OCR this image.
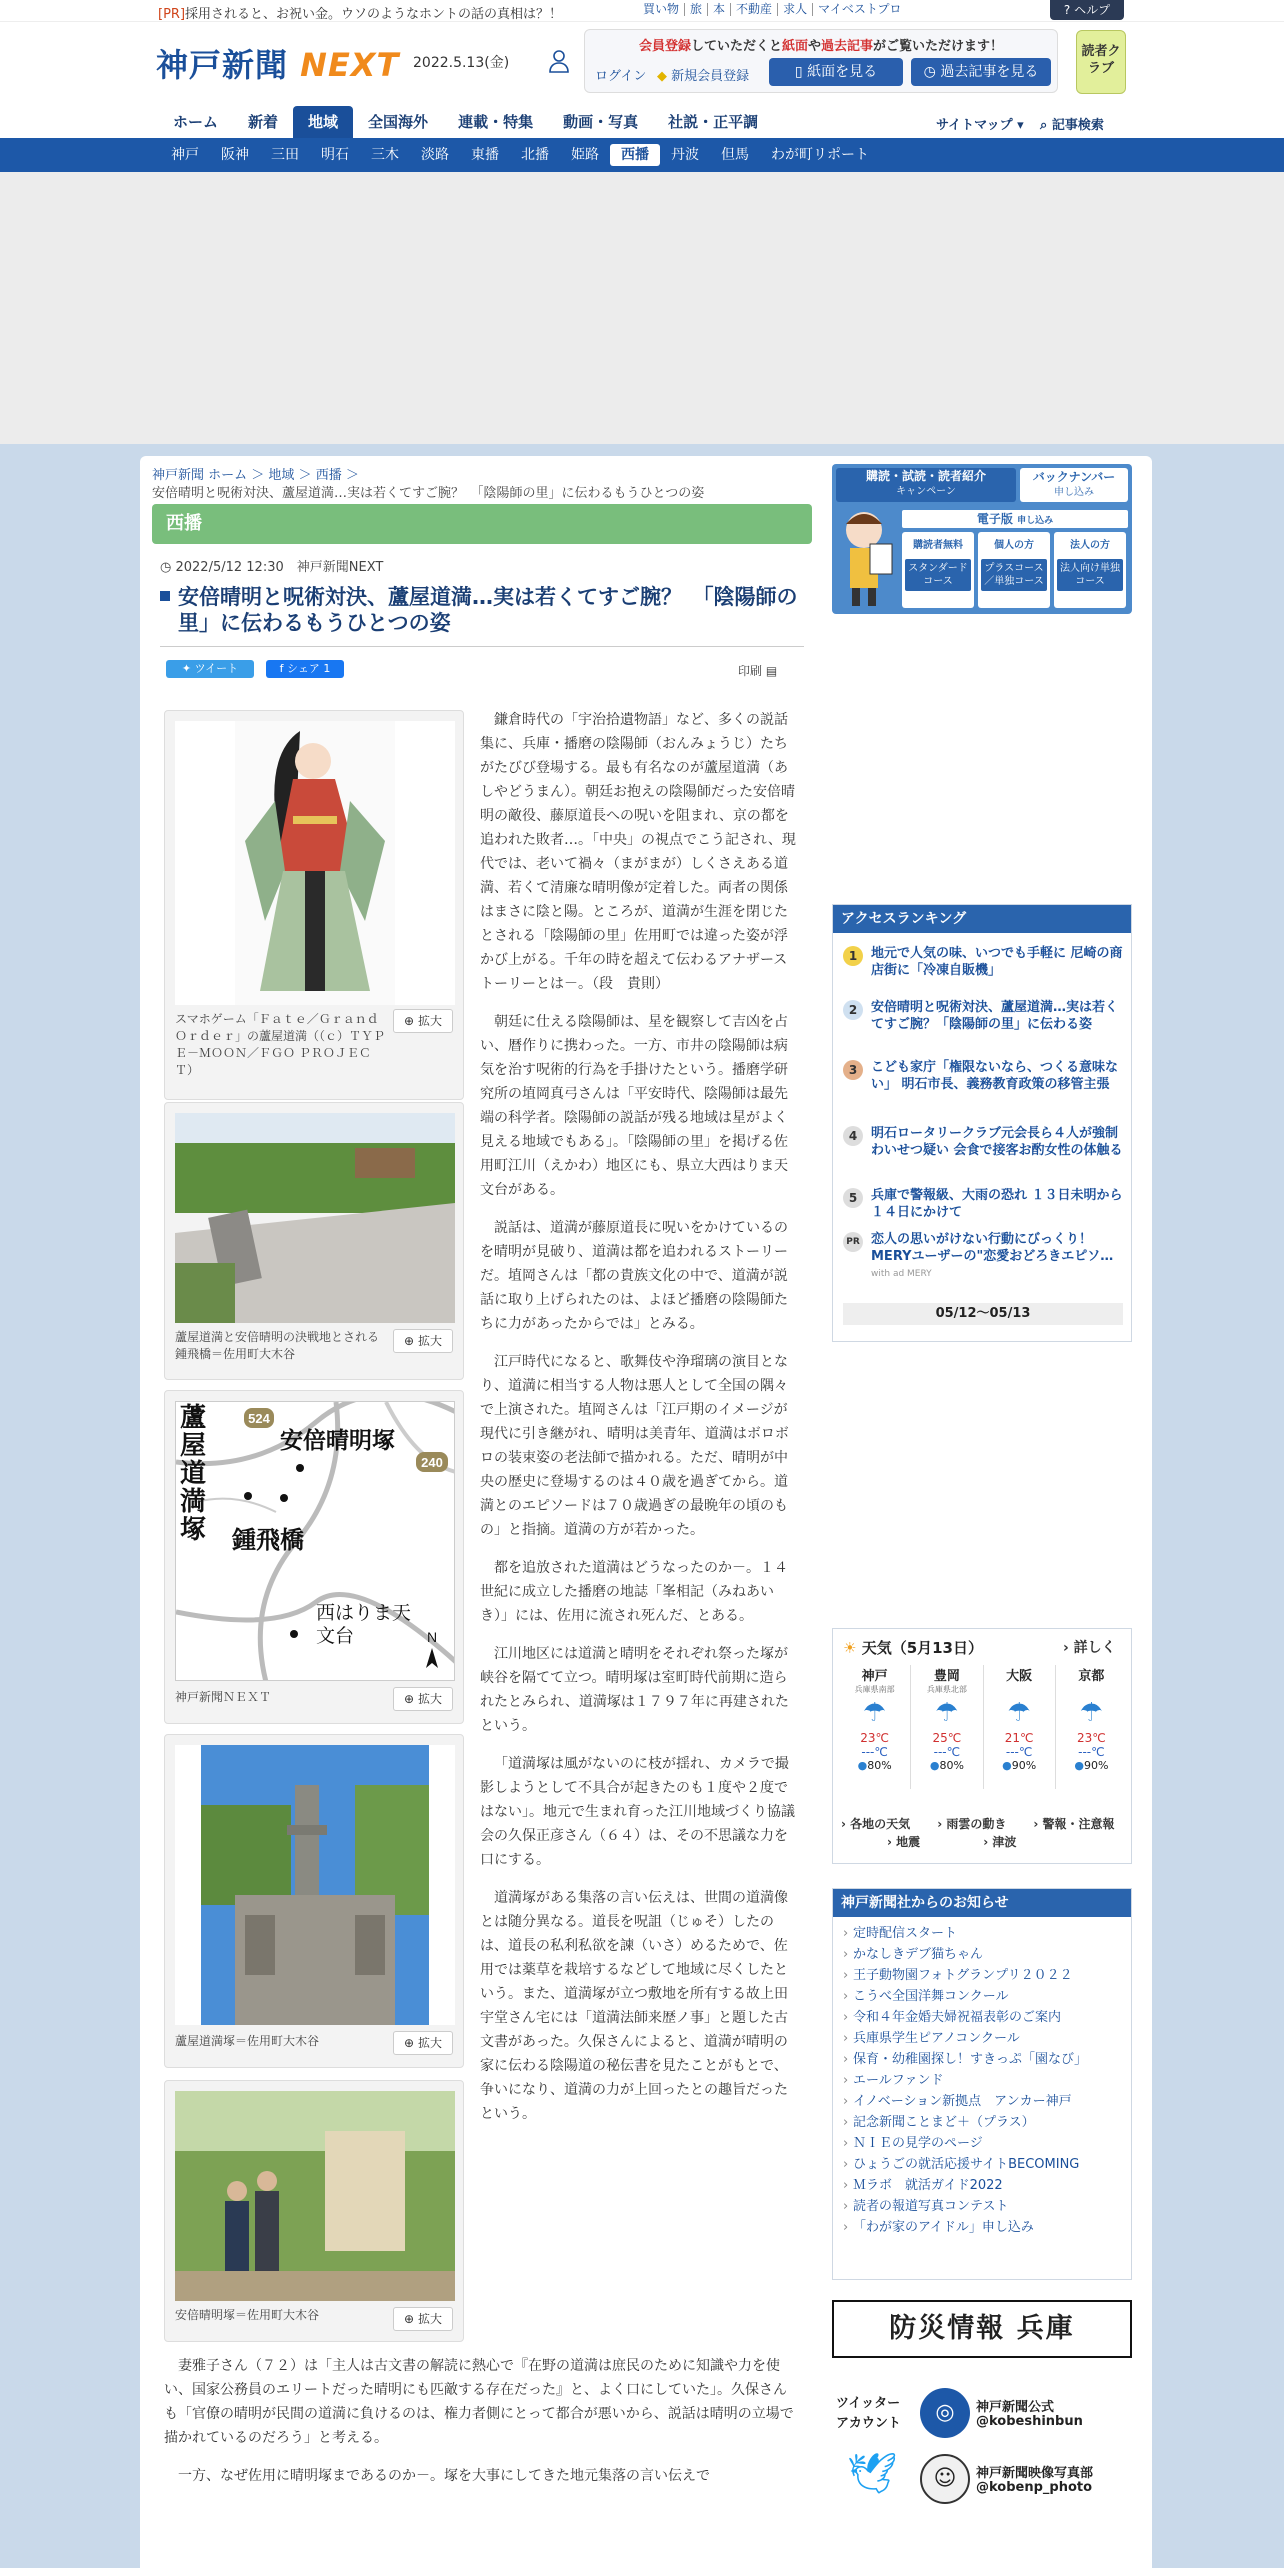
[PR]採用されると、お祝い金。ウソのようなホントの話の真相は？！	買い物 旅 本 不動産 求人 マイベストプロ	? ヘルプ
神戸新聞 NEXT 2022.5.13(金)
会員登録していただくと紙面や過去記事がご覧いただけます！
ログイン ◆ 新規会員登録	▯ 紙面を見る	◷ 過去記事を見る
読者クラブ
ホーム	新着	地域	全国海外	連載・特集	動画・写真	社説・正平調	サイトマップ ▾ ⌕ 記事検索
神戸	阪神	三田	明石	三木	淡路	東播	北播	姫路	西播	丹波	但馬	わが町リポート
神戸新聞 ホーム ＞ 地域 ＞ 西播 ＞
安倍晴明と呪術対決、蘆屋道満…実は若くてすご腕？　「陰陽師の里」に伝わるもうひとつの姿
西播
◷ 2022/5/12 12:30　 神戸新聞NEXT
安倍晴明と呪術対決、蘆屋道満…実は若くてすご腕？　「陰陽師の里」に伝わるもうひとつの姿
✦ ツイート	f シェア 1	印刷 ▤
スマホゲーム「Ｆａｔｅ／Ｇｒａｎｄ　Ｏｒｄｅｒ」の蘆屋道満（（ｃ）ＴＹＰＥ－ＭＯＯＮ／ＦＧＯ ＰＲＯＪＥＣＴ）
⊕ 拡大
蘆屋道満と安倍晴明の決戦地とされる鍾飛橋＝佐用町大木谷
⊕ 拡大
524
240
N
蘆屋道満塚
安倍晴明塚
鍾飛橋
西はりま天文台
神戸新聞ＮＥＸＴ	⊕ 拡大
蘆屋道満塚＝佐用町大木谷	⊕ 拡大
安倍晴明塚＝佐用町大木谷	⊕ 拡大

鎌倉時代の「宇治拾遺物語」など、多くの説話集に、兵庫・播磨の陰陽師（おんみょうじ）たちがたびび登場する。最も有名なのが蘆屋道満（あしやどうまん）。朝廷お抱えの陰陽師だった安倍晴明の敵役、藤原道長への呪いを阻まれ、京の都を追われた敗者…。「中央」の視点でこう記され、現代では、老いて禍々（まがまが）しくさえある道満、若くて清廉な晴明像が定着した。両者の関係はまさに陰と陽。ところが、道満が生涯を閉じたとされる「陰陽師の里」佐用町では違った姿が浮かび上がる。千年の時を超えて伝わるアナザーストーリーとは－。（段　貴則）

朝廷に仕える陰陽師は、星を観察して吉凶を占い、暦作りに携わった。一方、市井の陰陽師は病気を治す呪術的行為を手掛けたという。播磨学研究所の埴岡真弓さんは「平安時代、陰陽師は最先端の科学者。陰陽師の説話が残る地域は星がよく見える地域でもある」。「陰陽師の里」を掲げる佐用町江川（えかわ）地区にも、県立大西はりま天文台がある。

説話は、道満が藤原道長に呪いをかけているのを晴明が見破り、道満は都を追われるストーリーだ。埴岡さんは「都の貴族文化の中で、道満が説話に取り上げられたのは、よほど播磨の陰陽師たちに力があったからでは」とみる。

江戸時代になると、歌舞伎や浄瑠璃の演目となり、道満に相当する人物は悪人として全国の隅々で上演された。埴岡さんは「江戸期のイメージが現代に引き継がれ、晴明は美青年、道満はボロボロの装束姿の老法師で描かれる。ただ、晴明が中央の歴史に登場するのは４０歳を過ぎてから。道満とのエピソードは７０歳過ぎの最晩年の頃のもの」と指摘。道満の方が若かった。

都を追放された道満はどうなったのか－。１４世紀に成立した播磨の地誌「峯相記（みねあいき）」には、佐用に流され死んだ、とある。

江川地区には道満と晴明をそれぞれ祭った塚が峡谷を隔てて立つ。晴明塚は室町時代前期に造られたとみられ、道満塚は１７９７年に再建されたという。

「道満塚は風がないのに枝が揺れ、カメラで撮影しようとして不具合が起きたのも１度や２度ではない」。地元で生まれ育った江川地域づくり協議会の久保正彦さん（６４）は、その不思議な力を口にする。

道満塚がある集落の言い伝えは、世間の道満像とは随分異なる。道長を呪詛（じゅそ）したのは、道長の私利私欲を諫（いさ）めるためで、佐用では薬草を栽培するなどして地域に尽くしたという。また、道満塚が立つ敷地を所有する故上田宇堂さん宅には「道満法師来歴ノ事」と題した古文書があった。久保さんによると、道満が晴明の家に伝わる陰陽道の秘伝書を見たことがもとで、争いになり、道満の力が上回ったとの趣旨だったという。

妻雅子さん（７２）は「主人は古文書の解読に熱心で『在野の道満は庶民のために知識や力を使い、国家公務員のエリートだった晴明にも匹敵する存在だった』と、よく口にしていた」。久保さんも「官僚の晴明が民間の道満に負けるのは、権力者側にとって都合が悪いから、説話は晴明の立場で描かれているのだろう」と考える。

一方、なぜ佐用に晴明塚まであるのか－。塚を大事にしてきた地元集落の言い伝えで

購読・試読・読者紹介
キャンペーン
バックナンバー
申し込み
電子版 申し込み
購読者無料
スタンダードコース
個人の方
プラスコース／単独コース
法人の方
法人向け単独コース
アクセスランキング
1	地元で人気の味、いつでも手軽に 尼崎の商店街に「冷凍自販機」
2	安倍晴明と呪術対決、蘆屋道満…実は若くてすご腕？「陰陽師の里」に伝わる姿
3	こども家庁「権限ないなら、つくる意味ない」 明石市長、義務教育政策の移管主張
4	明石ロータリークラブ元会長ら４人が強制わいせつ疑い 会食で接客お酌女性の体触る
5	兵庫で警報級、大雨の恐れ １３日未明から１４日にかけて
PR 恋人の思いがけない行動にびっくり！MERYユーザーの"恋愛おどろきエピソ…
with ad MERY
05/12～05/13
☀ 天気（5月13日）	› 詳しく
神戸
兵庫県南部
☂
23℃
---℃
●80%
豊岡
兵庫県北部
☂
25℃
---℃
●80%
大阪
☂
21℃
---℃
●90%
京都
☂
23℃
---℃
●90%
› 各地の天気 › 雨雲の動き › 警報・注意報
› 地震	› 津波
神戸新聞社からのお知らせ
› 定時配信スタート
› かなしきデブ猫ちゃん
› 王子動物園フォトグランプリ２０２２
› こうべ全国洋舞コンクール
› 令和４年金婚夫婦祝福表彰のご案内
› 兵庫県学生ピアノコンクール
› 保育・幼稚園探し！すきっぷ「園なび」
› エールファンド
› イノベーション新拠点　アンカー神戸
› 記念新聞ことまど＋（プラス）
› ＮＩＥの見学のページ
› ひょうごの就活応援サイトBECOMING
› Ｍラボ　就活ガイド2022
› 読者の報道写真コンテスト
› 「わが家のアイドル」申し込み
防災情報 兵庫
ツイッターアカウント	◎	神戸新聞公式
@kobeshinbun
🕊	☺	神戸新聞映像写真部
@kobenp_photo
